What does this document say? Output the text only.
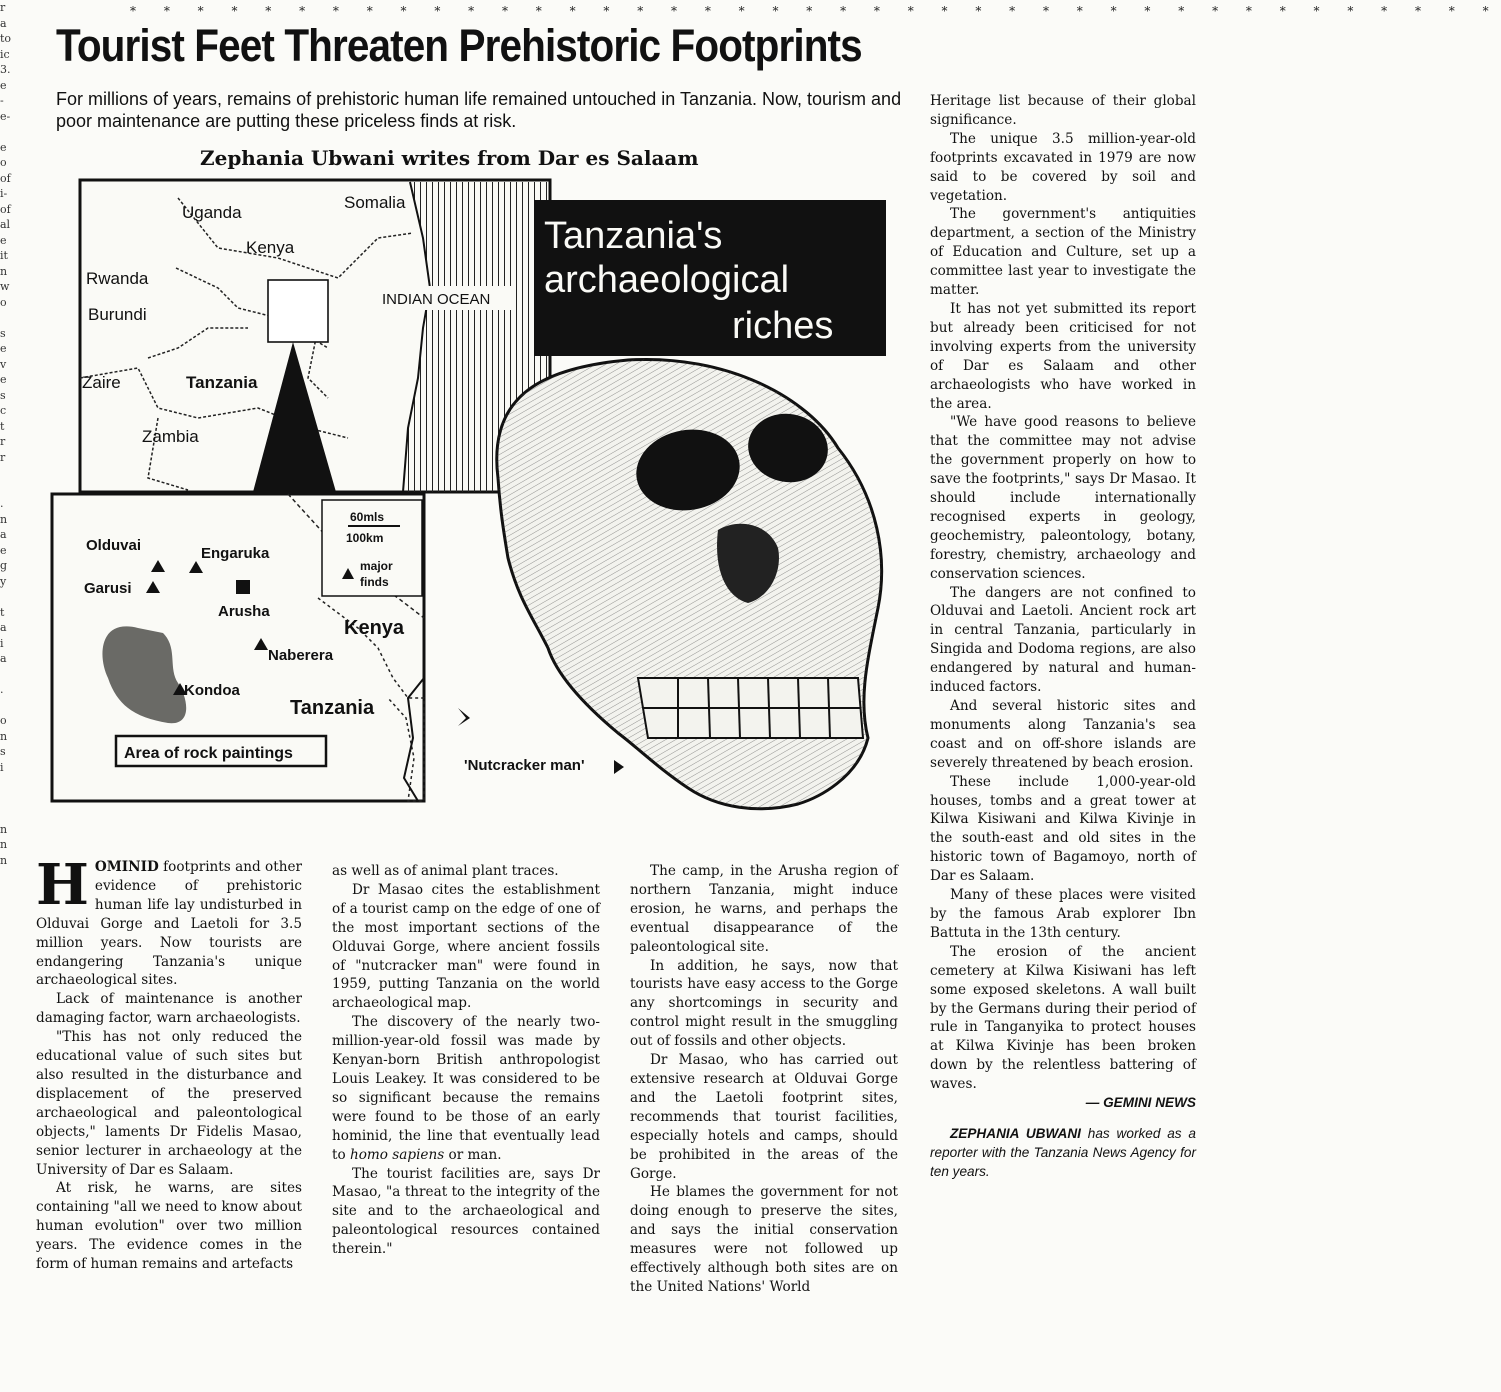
r
a
to
ic
3.
e
-
e-

e
o
of
i-
of
al
e
it
n
w
o

s
e
v
e
s
c
t
r
r

.
n
a
e
g
y

t
a
i
a

.

o
n
s
i

n
n
n
* * * * * * * * * * * * * * * * * * * * * * * * * * * * * * * * * * * * * * * * *
Tourist Feet Threaten Prehistoric Footprints
For millions of years, remains of prehistoric human life remained untouched in Tanzania. Now, tourism and poor maintenance are putting these priceless finds at risk.
Zephania Ubwani writes from Dar es Salaam
Uganda
Somalia
Kenya
Rwanda
Burundi
INDIAN OCEAN
Zaire	Tanzania
Zambia
60mls
100km
major
finds
Olduvai	Engaruka
Garusi
Arusha
Naberera
Kondoa
Kenya
Tanzania
Area of rock paintings
Tanzania's
archaeological
riches
'Nutcracker man'

HOMINID footprints and other evidence of prehistoric human life lay undisturbed in Olduvai Gorge and Laetoli for 3.5 million years. Now tourists are endangering Tanzania's unique archaeological sites.

Lack of maintenance is another damaging factor, warn archaeologists.

"This has not only reduced the educational value of such sites but also resulted in the disturbance and displacement of the preserved archaeological and paleontological objects," laments Dr Fidelis Masao, senior lecturer in archaeology at the University of Dar es Salaam.

At risk, he warns, are sites containing "all we need to know about human evolution" over two million years. The evidence comes in the form of human remains and artefacts

as well as of animal plant traces.

Dr Masao cites the establishment of a tourist camp on the edge of one of the most important sections of the Olduvai Gorge, where ancient fossils of "nutcracker man" were found in 1959, putting Tanzania on the world archaeological map.

The discovery of the nearly two-million-year-old fossil was made by Kenyan-born British anthropologist Louis Leakey. It was considered to be so significant because the remains were found to be those of an early hominid, the line that eventually lead to homo sapiens or man.

The tourist facilities are, says Dr Masao, "a threat to the integrity of the site and to the archaeological and paleontological resources contained therein."

The camp, in the Arusha region of northern Tanzania, might induce erosion, he warns, and perhaps the eventual disappearance of the paleontological site.

In addition, he says, now that tourists have easy access to the Gorge any shortcomings in security and control might result in the smuggling out of fossils and other objects.

Dr Masao, who has carried out extensive research at Olduvai Gorge and the Laetoli footprint sites, recommends that tourist facilities, especially hotels and camps, should be prohibited in the areas of the Gorge.

He blames the government for not doing enough to preserve the sites, and says the initial conservation measures were not followed up effectively although both sites are on the United Nations' World

Heritage list because of their global significance.

The unique 3.5 million-year-old footprints excavated in 1979 are now said to be covered by soil and vegetation.

The government's antiquities department, a section of the Ministry of Education and Culture, set up a committee last year to investigate the matter.

It has not yet submitted its report but already been criticised for not involving experts from the university of Dar es Salaam and other archaeologists who have worked in the area.

"We have good reasons to believe that the committee may not advise the government properly on how to save the footprints," says Dr Masao. It should include internationally recognised experts in geology, geochemistry, paleontology, botany, forestry, chemistry, archaeology and conservation sciences.

The dangers are not confined to Olduvai and Laetoli. Ancient rock art in central Tanzania, particularly in Singida and Dodoma regions, are also endangered by natural and human-induced factors.

And several historic sites and monuments along Tanzania's sea coast and on off-shore islands are severely threatened by beach erosion.

These include 1,000-year-old houses, tombs and a great tower at Kilwa Kisiwani and Kilwa Kivinje in the south-east and old sites in the historic town of Bagamoyo, north of Dar es Salaam.

Many of these places were visited by the famous Arab explorer Ibn Battuta in the 13th century.

The erosion of the ancient cemetery at Kilwa Kisiwani has left some exposed skeletons. A wall built by the Germans during their period of rule in Tanganyika to protect houses at Kilwa Kivinje has been broken down by the relentless battering of waves.

— GEMINI NEWS

ZEPHANIA UBWANI has worked as a reporter with the Tanzania News Agency for ten years.
